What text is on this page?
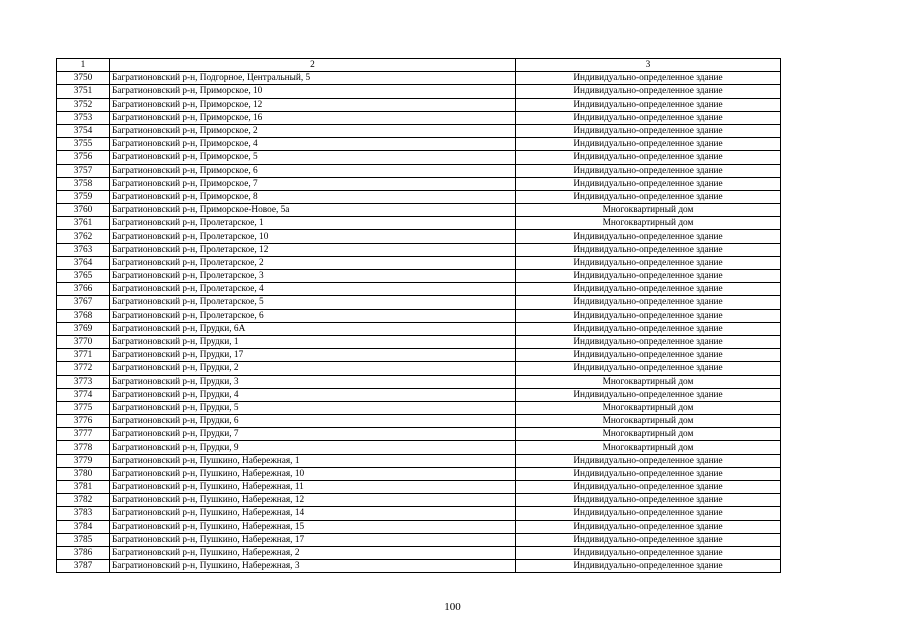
1	2	3
3750	Багратионовский р-н, Подгорное, Центральный, 5	Индивидуально-определенное здание
3751	Багратионовский р-н, Приморское, 10	Индивидуально-определенное здание
3752	Багратионовский р-н, Приморское, 12	Индивидуально-определенное здание
3753	Багратионовский р-н, Приморское, 16	Индивидуально-определенное здание
3754	Багратионовский р-н, Приморское, 2	Индивидуально-определенное здание
3755	Багратионовский р-н, Приморское, 4	Индивидуально-определенное здание
3756	Багратионовский р-н, Приморское, 5	Индивидуально-определенное здание
3757	Багратионовский р-н, Приморское, 6	Индивидуально-определенное здание
3758	Багратионовский р-н, Приморское, 7	Индивидуально-определенное здание
3759	Багратионовский р-н, Приморское, 8	Индивидуально-определенное здание
3760	Багратионовский р-н, Приморское-Новое, 5а	Многоквартирный дом
3761	Багратионовский р-н, Пролетарское, 1	Многоквартирный дом
3762	Багратионовский р-н, Пролетарское, 10	Индивидуально-определенное здание
3763	Багратионовский р-н, Пролетарское, 12	Индивидуально-определенное здание
3764	Багратионовский р-н, Пролетарское, 2	Индивидуально-определенное здание
3765	Багратионовский р-н, Пролетарское, 3	Индивидуально-определенное здание
3766	Багратионовский р-н, Пролетарское, 4	Индивидуально-определенное здание
3767	Багратионовский р-н, Пролетарское, 5	Индивидуально-определенное здание
3768	Багратионовский р-н, Пролетарское, 6	Индивидуально-определенное здание
3769	Багратионовский р-н, Прудки, 6А	Индивидуально-определенное здание
3770	Багратионовский р-н, Прудки, 1	Индивидуально-определенное здание
3771	Багратионовский р-н, Прудки, 17	Индивидуально-определенное здание
3772	Багратионовский р-н, Прудки, 2	Индивидуально-определенное здание
3773	Багратионовский р-н, Прудки, 3	Многоквартирный дом
3774	Багратионовский р-н, Прудки, 4	Индивидуально-определенное здание
3775	Багратионовский р-н, Прудки, 5	Многоквартирный дом
3776	Багратионовский р-н, Прудки, 6	Многоквартирный дом
3777	Багратионовский р-н, Прудки, 7	Многоквартирный дом
3778	Багратионовский р-н, Прудки, 9	Многоквартирный дом
3779	Багратионовский р-н, Пушкино, Набережная, 1	Индивидуально-определенное здание
3780	Багратионовский р-н, Пушкино, Набережная, 10	Индивидуально-определенное здание
3781	Багратионовский р-н, Пушкино, Набережная, 11	Индивидуально-определенное здание
3782	Багратионовский р-н, Пушкино, Набережная, 12	Индивидуально-определенное здание
3783	Багратионовский р-н, Пушкино, Набережная, 14	Индивидуально-определенное здание
3784	Багратионовский р-н, Пушкино, Набережная, 15	Индивидуально-определенное здание
3785	Багратионовский р-н, Пушкино, Набережная, 17	Индивидуально-определенное здание
3786	Багратионовский р-н, Пушкино, Набережная, 2	Индивидуально-определенное здание
3787	Багратионовский р-н, Пушкино, Набережная, 3	Индивидуально-определенное здание
100
